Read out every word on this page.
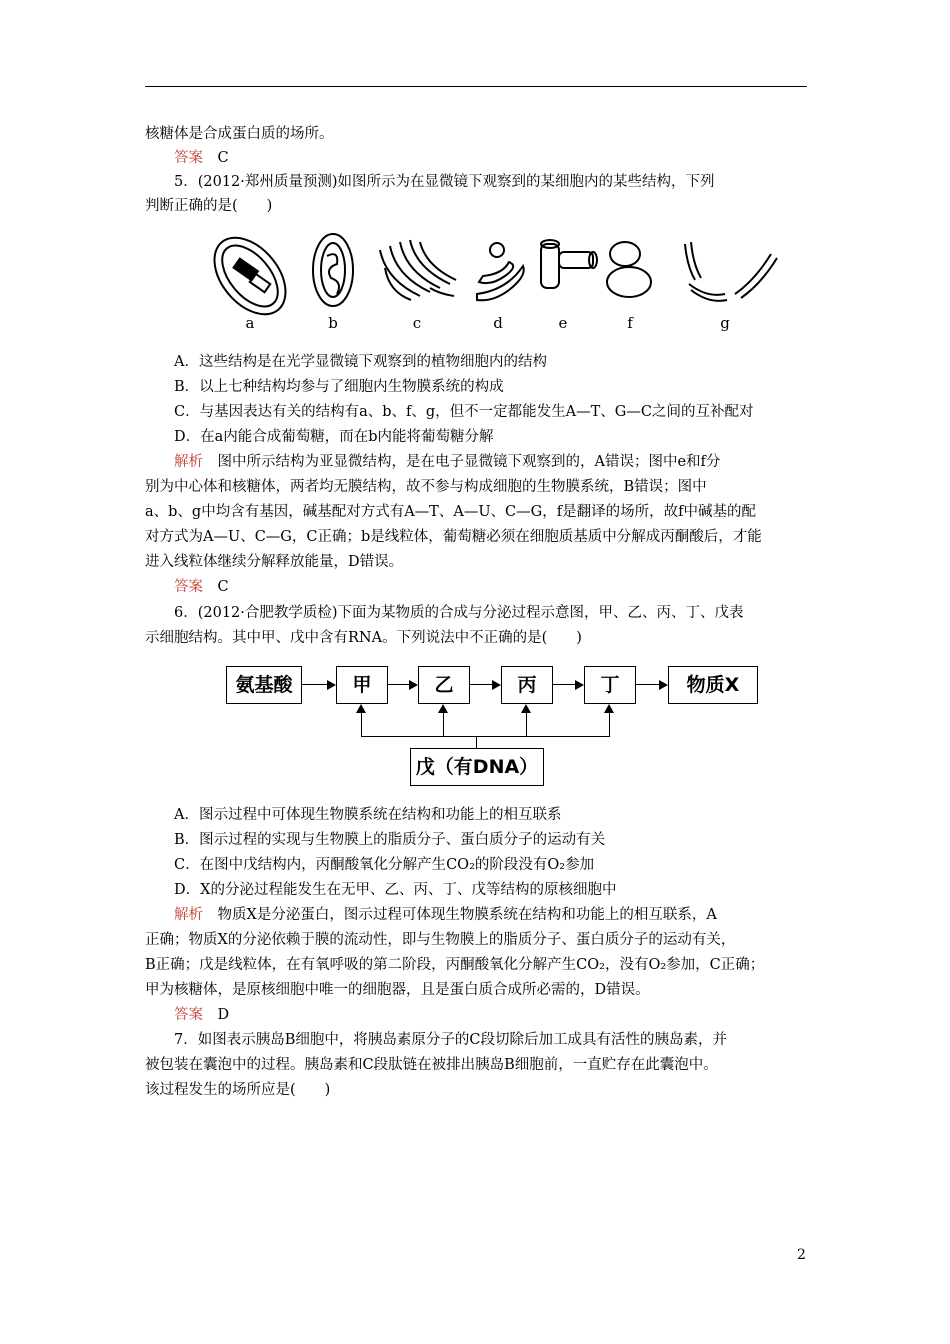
核糖体是合成蛋白质的场所。
答案　 C
5．(2012·郑州质量预测)如图所示为在显微镜下观察到的某细胞内的某些结构，下列
判断正确的是(　　)
a	b	c	d	e	f	g
A．这些结构是在光学显微镜下观察到的植物细胞内的结构
B．以上七种结构均参与了细胞内生物膜系统的构成
C．与基因表达有关的结构有a、b、f、g，但不一定都能发生A—T、G—C之间的互补配对
D．在a内能合成葡萄糖，而在b内能将葡萄糖分解
解析　 图中所示结构为亚显微结构，是在电子显微镜下观察到的，A错误；图中e和f分
别为中心体和核糖体，两者均无膜结构，故不参与构成细胞的生物膜系统，B错误；图中
a、b、g中均含有基因，碱基配对方式有A—T、A—U、C—G，f是翻译的场所，故f中碱基的配
对方式为A—U、C—G，C正确；b是线粒体，葡萄糖必须在细胞质基质中分解成丙酮酸后，才能
进入线粒体继续分解释放能量，D错误。
答案　 C
6．(2012·合肥教学质检)下面为某物质的合成与分泌过程示意图，甲、乙、丙、丁、戊表
示细胞结构。其中甲、戊中含有RNA。下列说法中不正确的是(　　)
氨基酸	甲	乙	丙	丁	物质X
戊（有DNA）
A．图示过程中可体现生物膜系统在结构和功能上的相互联系
B．图示过程的实现与生物膜上的脂质分子、蛋白质分子的运动有关
C．在图中戊结构内，丙酮酸氧化分解产生CO₂的阶段没有O₂参加
D．X的分泌过程能发生在无甲、乙、丙、丁、戊等结构的原核细胞中
解析　 物质X是分泌蛋白，图示过程可体现生物膜系统在结构和功能上的相互联系，A
正确；物质X的分泌依赖于膜的流动性，即与生物膜上的脂质分子、蛋白质分子的运动有关，
B正确；戊是线粒体，在有氧呼吸的第二阶段，丙酮酸氧化分解产生CO₂，没有O₂参加，C正确；
甲为核糖体，是原核细胞中唯一的细胞器，且是蛋白质合成所必需的，D错误。
答案　 D
7．如图表示胰岛B细胞中，将胰岛素原分子的C段切除后加工成具有活性的胰岛素，并
被包装在囊泡中的过程。胰岛素和C段肽链在被排出胰岛B细胞前，一直贮存在此囊泡中。
该过程发生的场所应是(　　)
2
